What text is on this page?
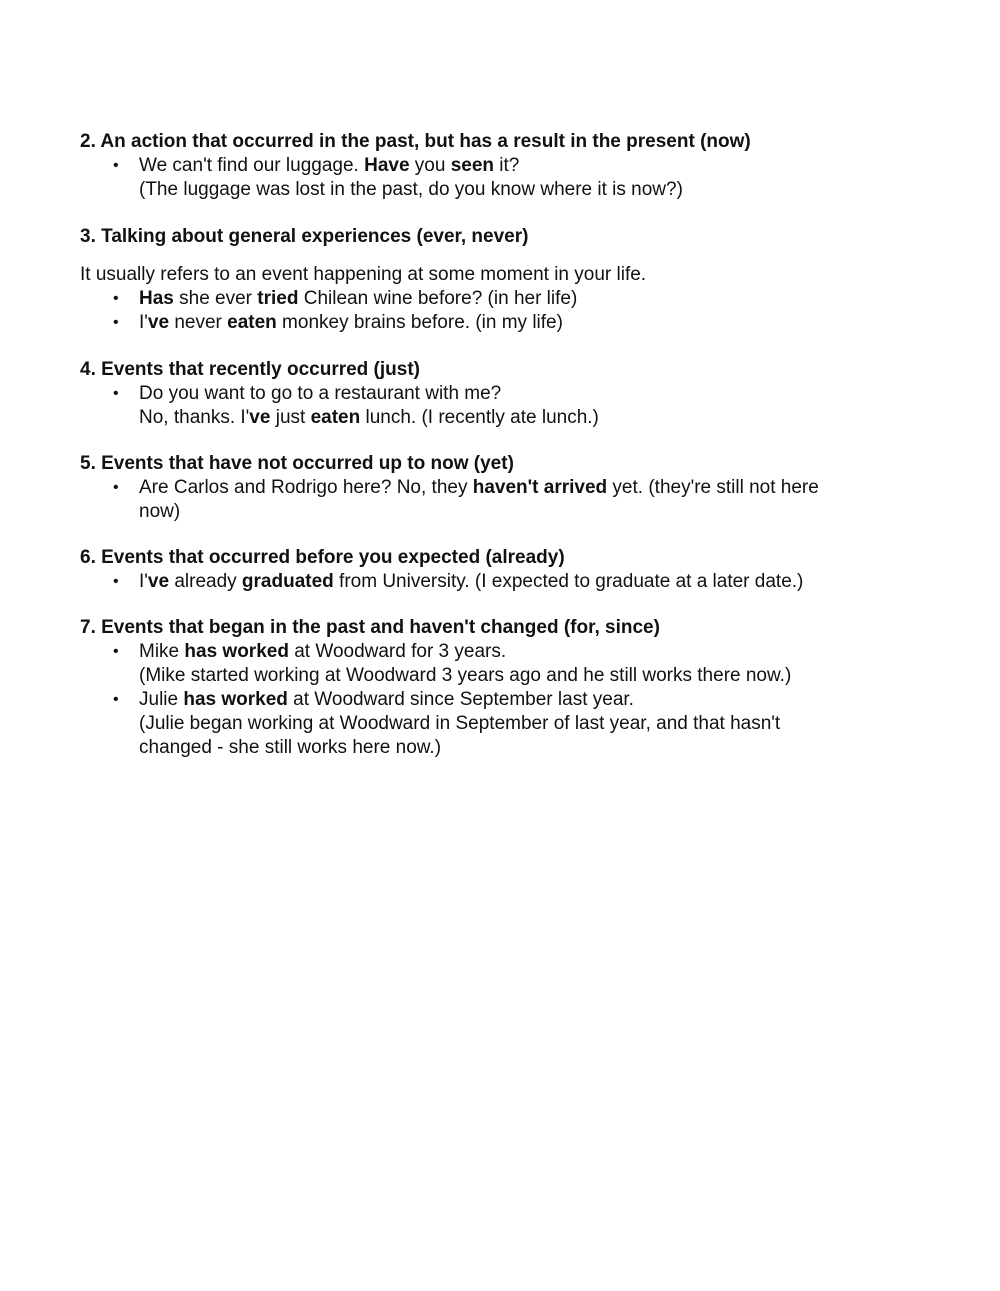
2. An action that occurred in the past, but has a result in the present (now)

• We can't find our luggage. Have you seen it?
(The luggage was lost in the past, do you know where it is now?)

3. Talking about general experiences (ever, never)

It usually refers to an event happening at some moment in your life.

• Has she ever tried Chilean wine before? (in her life)
• I've never eaten monkey brains before. (in my life)

4. Events that recently occurred (just)

• Do you want to go to a restaurant with me?
No, thanks. I've just eaten lunch. (I recently ate lunch.)

5. Events that have not occurred up to now (yet)

• Are Carlos and Rodrigo here? No, they haven't arrived yet. (they're still not here
now)

6. Events that occurred before you expected (already)

• I've already graduated from University. (I expected to graduate at a later date.)

7. Events that began in the past and haven't changed (for, since)

• Mike has worked at Woodward for 3 years.
(Mike started working at Woodward 3 years ago and he still works there now.)
• Julie has worked at Woodward since September last year.
(Julie began working at Woodward in September of last year, and that hasn't
changed - she still works here now.)
